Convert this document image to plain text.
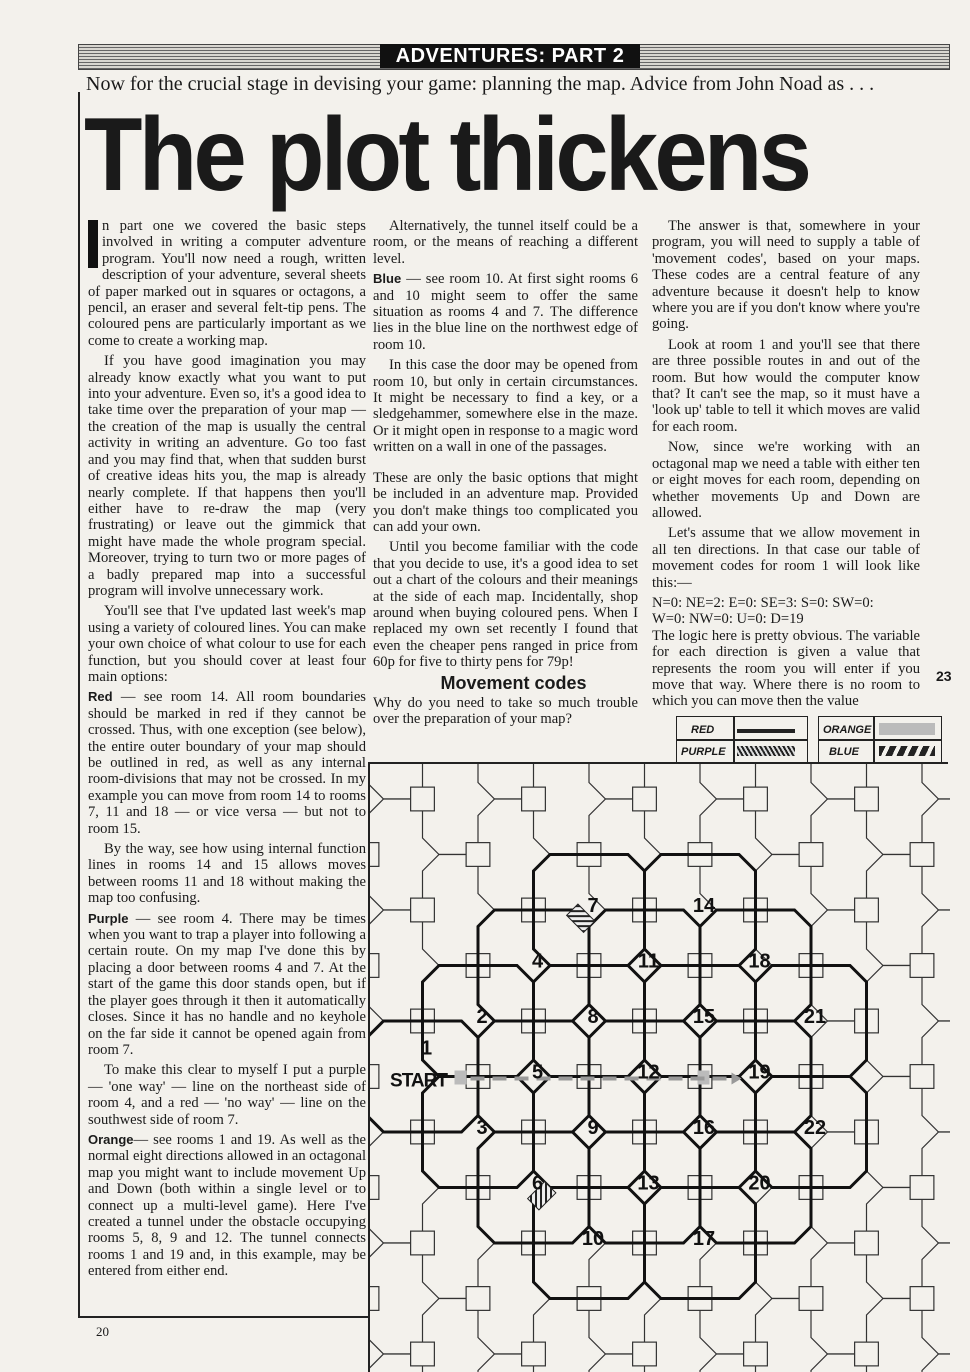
ADVENTURES: PART 2
Now for the crucial stage in devising your game: planning the map. Advice from John Noad as . . .
The plot thickens

n part one we covered the basic steps involved in writing a computer adventure program. You'll now need a rough, written description of your adventure, several sheets of paper marked out in squares or octagons, a pencil, an eraser and several felt-tip pens. The coloured pens are particularly important as we come to create a working map.

If you have good imagination you may already know exactly what you want to put into your adventure. Even so, it's a good idea to take time over the preparation of your map — the creation of the map is usually the central activity in writing an adventure. Go too fast and you may find that, when that sudden burst of creative ideas hits you, the map is already nearly complete. If that happens then you'll either have to re-draw the map (very frustrating) or leave out the gimmick that might have made the whole program special. Moreover, trying to turn two or more pages of a badly prepared map into a successful program will involve unnecessary work.

You'll see that I've updated last week's map using a variety of coloured lines. You can make your own choice of what colour to use for each function, but you should cover at least four main options:

Red — see room 14. All room boundaries should be marked in red if they cannot be crossed. Thus, with one exception (see below), the entire outer boundary of your map should be outlined in red, as well as any internal room-divisions that may not be crossed. In my example you can move from room 14 to rooms 7, 11 and 18 — or vice versa — but not to room 15.

By the way, see how using internal function lines in rooms 14 and 15 allows moves between rooms 11 and 18 without making the map too confusing.

Purple — see room 4. There may be times when you want to trap a player into following a certain route. On my map I've done this by placing a door between rooms 4 and 7. At the start of the game this door stands open, but if the player goes through it then it automatically closes. Since it has no handle and no keyhole on the far side it cannot be opened again from room 7.

To make this clear to myself I put a purple — 'one way' — line on the northeast side of room 4, and a red — 'no way' — line on the southwest side of room 7.

Orange— see rooms 1 and 19. As well as the normal eight directions allowed in an octagonal map you might want to include movement Up and Down (both within a single level or to connect up a multi-level game). Here I've created a tunnel under the obstacle occupying rooms 5, 8, 9 and 12. The tunnel connects rooms 1 and 19 and, in this example, may be entered from either end.

Alternatively, the tunnel itself could be a room, or the means of reaching a different level.

Blue — see room 10. At first sight rooms 6 and 10 might seem to offer the same situation as rooms 4 and 7. The difference lies in the blue line on the northwest edge of room 10.

In this case the door may be opened from room 10, but only in certain circumstances. It might be necessary to find a key, or a sledgehammer, somewhere else in the maze. Or it might open in response to a magic word written on a wall in one of the passages.

These are only the basic options that might be included in an adventure map. Provided you don't make things too complicated you can add your own.

Until you become familiar with the code that you decide to use, it's a good idea to set out a chart of the colours and their meanings at the side of each map. Incidentally, shop around when buying coloured pens. When I replaced my own set recently I found that even the cheaper pens ranged in price from 60p for five to thirty pens for 79p!

Movement codes

Why do you need to take so much trouble over the preparation of your map?

The answer is that, somewhere in your program, you will need to supply a table of 'movement codes', based on your maps. These codes are a central feature of any adventure because it doesn't help to know where you are if you don't know where you're going.

Look at room 1 and you'll see that there are three possible routes in and out of the room. But how would the computer know that? It can't see the map, so it must have a 'look up' table to tell it which moves are valid for each room.

Now, since we're working with an octagonal map we need a table with either ten or eight moves for each room, depending on whether movements Up and Down are allowed.

Let's assume that we allow movement in all ten directions. In that case our table of movement codes for room 1 will look like this:—

N=0: NE=2: E=0: SE=3: S=0: SW=0:

W=0: NW=0: U=0: D=19

The logic here is pretty obvious. The variable for each direction is given a value that represents the room you will enter if you move that way. Where there is no room to which you can move then the value

23
20
RED
PURPLE
ORANGE
BLUE
1
2
3
4
5
6
7
8
9
10
11
12
13
14
15
16
17
18
19
20
21
22
START
